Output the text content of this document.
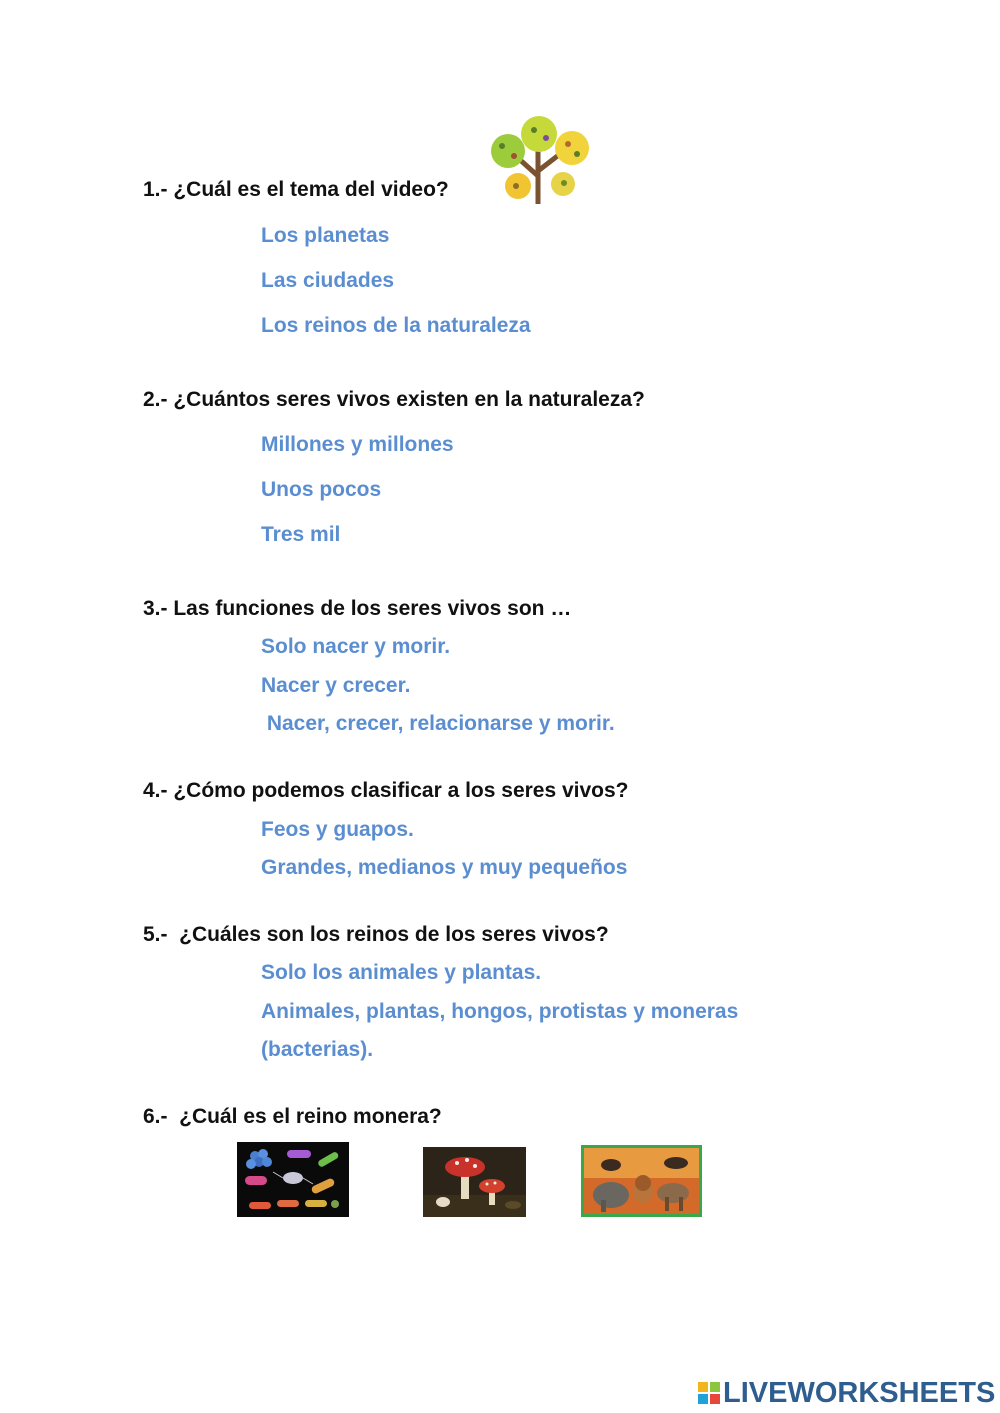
1.- ¿Cuál es el tema del video?

Los planetas

Las ciudades

Los reinos de la naturaleza

2.- ¿Cuántos seres vivos existen en la naturaleza?

Millones y millones

Unos pocos

Tres mil

3.- Las funciones de los seres vivos son …

Solo nacer y morir.

Nacer y crecer.

Nacer, crecer, relacionarse y morir.

4.- ¿Cómo podemos clasificar a los seres vivos?

Feos y guapos.

Grandes, medianos y muy pequeños

5.-  ¿Cuáles son los reinos de los seres vivos?

Solo los animales y plantas.

Animales, plantas, hongos, protistas y moneras

(bacterias).

6.-  ¿Cuál es el reino monera?

LIVEWORKSHEETS
